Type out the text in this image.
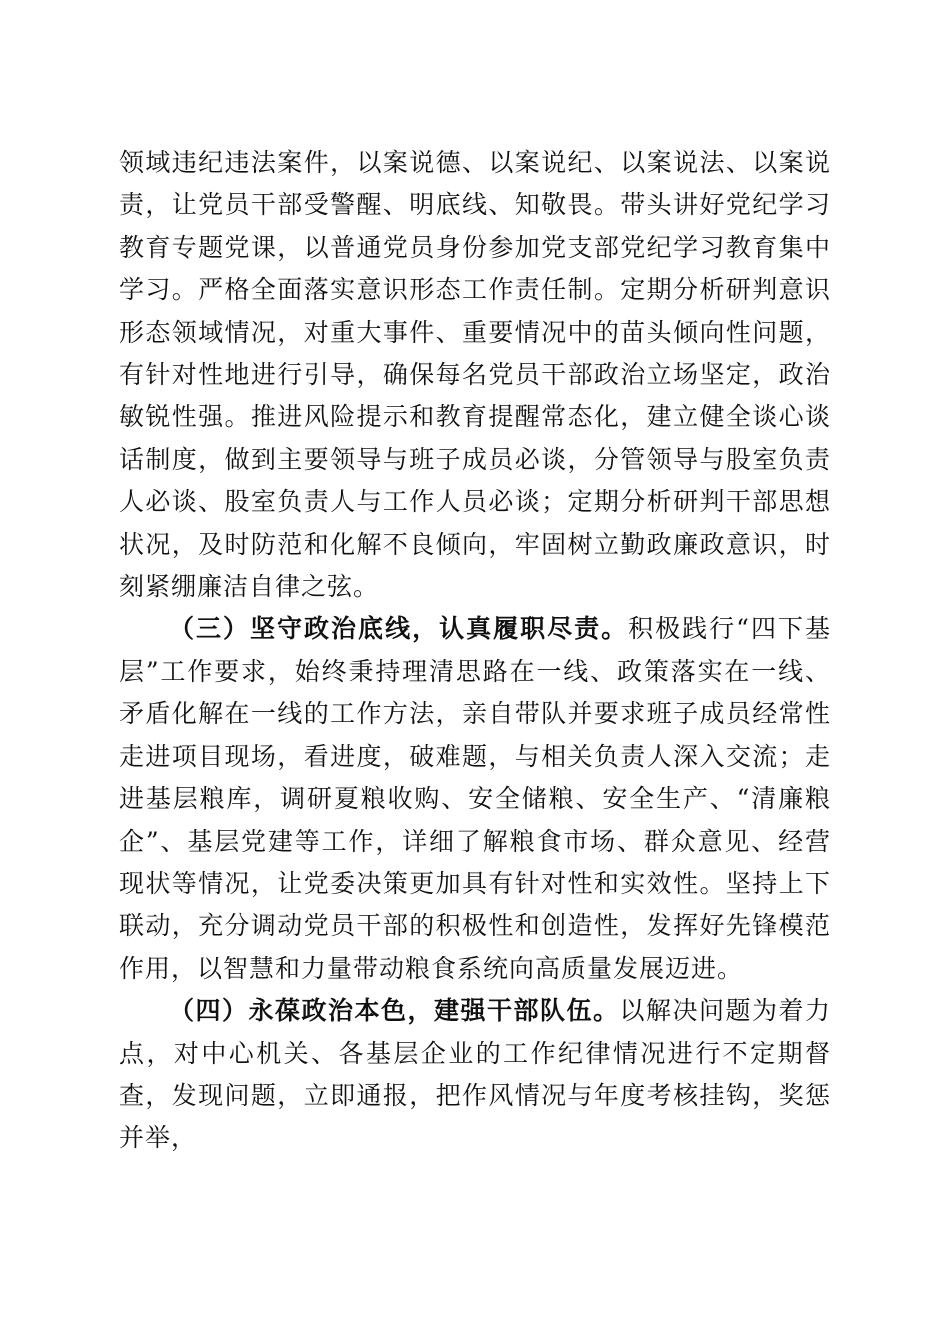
领域违纪违法案件，以案说德、以案说纪、以案说法、以案说责，让党员干部受警醒、明底线、知敬畏。带头讲好党纪学习教育专题党课，以普通党员身份参加党支部党纪学习教育集中学习。严格全面落实意识形态工作责任制。定期分析研判意识形态领域情况，对重大事件、重要情况中的苗头倾向性问题，有针对性地进行引导，确保每名党员干部政治立场坚定，政治敏锐性强。推进风险提示和教育提醒常态化，建立健全谈心谈话制度，做到主要领导与班子成员必谈，分管领导与股室负责人必谈、股室负责人与工作人员必谈；定期分析研判干部思想状况，及时防范和化解不良倾向，牢固树立勤政廉政意识，时刻紧绷廉洁自律之弦。

（三）坚守政治底线，认真履职尽责。积极践行“四下基层”工作要求，始终秉持理清思路在一线、政策落实在一线、矛盾化解在一线的工作方法，亲自带队并要求班子成员经常性走进项目现场，看进度，破难题，与相关负责人深入交流；走进基层粮库，调研夏粮收购、安全储粮、安全生产、“清廉粮企”、基层党建等工作，详细了解粮食市场、群众意见、经营现状等情况，让党委决策更加具有针对性和实效性。坚持上下联动，充分调动党员干部的积极性和创造性，发挥好先锋模范作用，以智慧和力量带动粮食系统向高质量发展迈进。

（四）永葆政治本色，建强干部队伍。以解决问题为着力点，对中心机关、各基层企业的工作纪律情况进行不定期督查，发现问题，立即通报，把作风情况与年度考核挂钩，奖惩并举，
